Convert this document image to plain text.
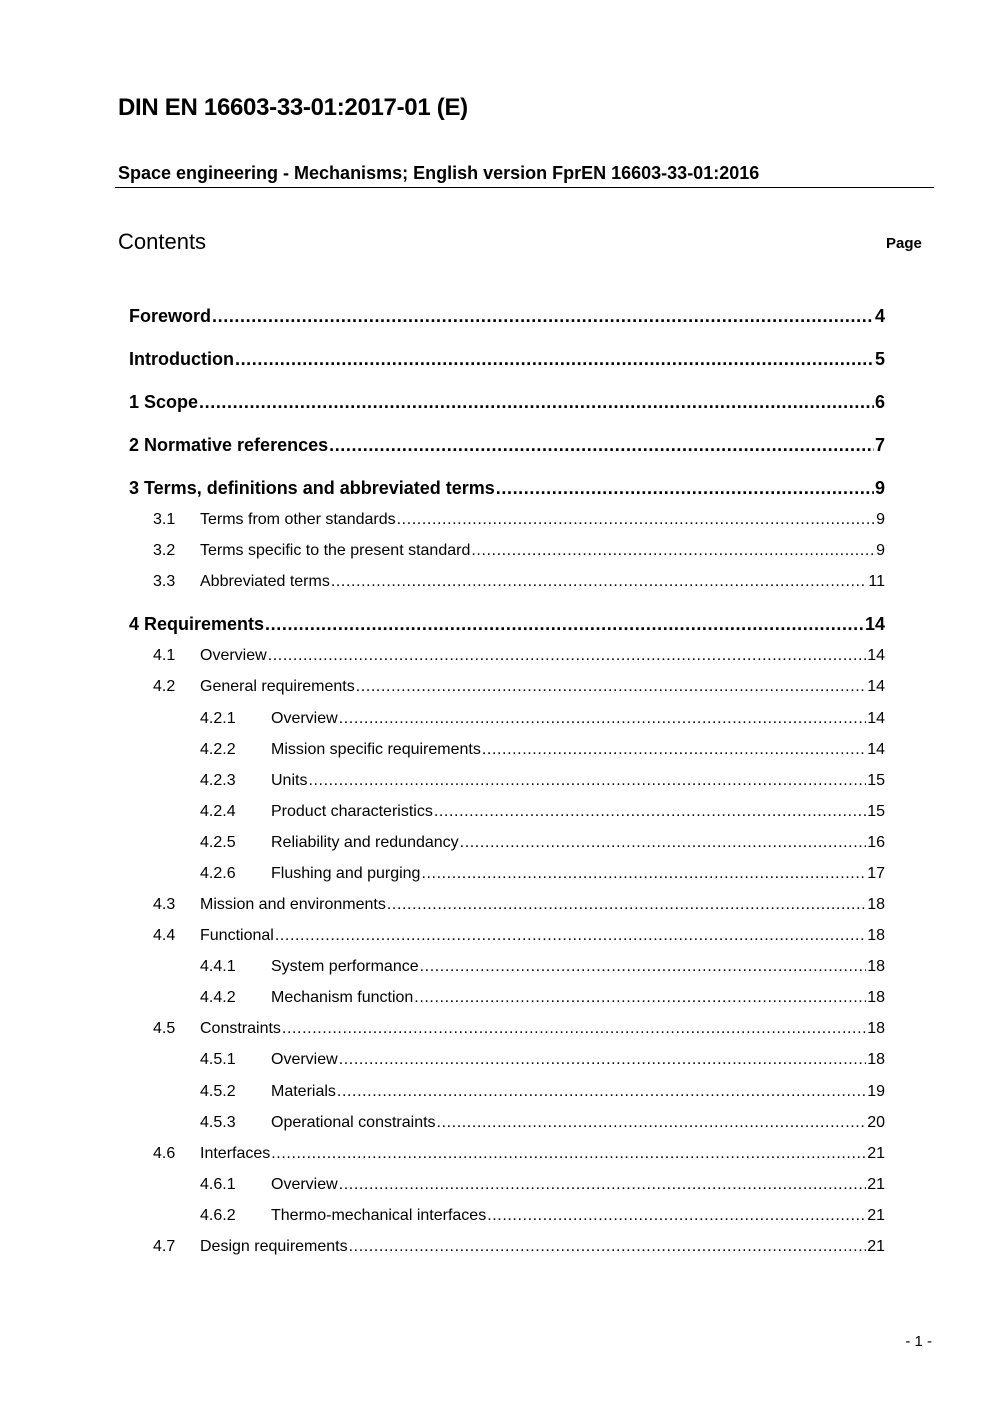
DIN EN 16603-33-01:2017-01 (E)
Space engineering - Mechanisms; English version FprEN 16603-33-01:2016
Contents	Page
Foreword .....	4
Introduction .....	5
1 Scope .....	6
2 Normative references .....	7
3 Terms, definitions and abbreviated terms .....	9
3.1	Terms from other standards .....	9
3.2	Terms specific to the present standard .....	9
3.3	Abbreviated terms .....	11
4 Requirements .....	14
4.1	Overview .....	14
4.2	General requirements .....	14
4.2.1	Overview .....	14
4.2.2	Mission specific requirements .....	14
4.2.3	Units .....	15
4.2.4	Product characteristics .....	15
4.2.5	Reliability and redundancy .....	16
4.2.6	Flushing and purging .....	17
4.3	Mission and environments .....	18
4.4	Functional .....	18
4.4.1	System performance .....	18
4.4.2	Mechanism function .....	18
4.5	Constraints .....	18
4.5.1	Overview .....	18
4.5.2	Materials .....	19
4.5.3	Operational constraints .....	20
4.6	Interfaces .....	21
4.6.1	Overview .....	21
4.6.2	Thermo-mechanical interfaces .....	21
4.7	Design requirements .....	21
- 1 -
